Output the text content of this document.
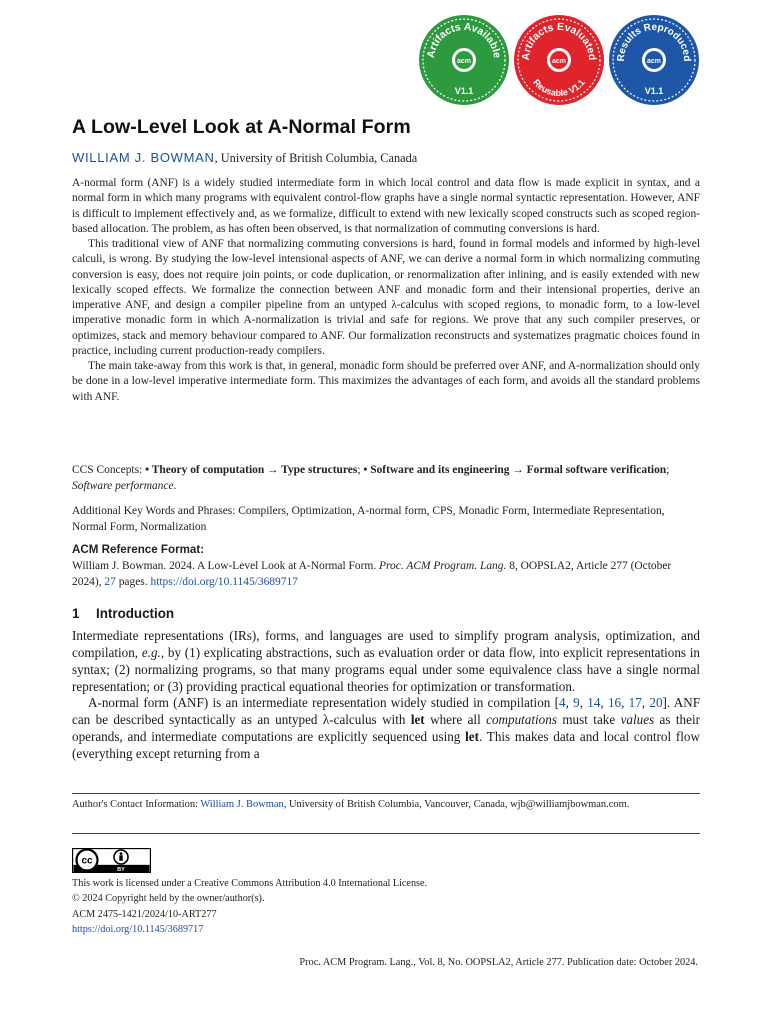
Artifacts Available
acm
V1.1
Artifacts Evaluated
acm
Reusable V1.1
Results Reproduced
acm
V1.1
A Low-Level Look at A-Normal Form
WILLIAM J. BOWMAN, University of British Columbia, Canada

A-normal form (ANF) is a widely studied intermediate form in which local control and data flow is made explicit in syntax, and a normal form in which many programs with equivalent control-flow graphs have a single normal syntactic representation. However, ANF is difficult to implement effectively and, as we formalize, difficult to extend with new lexically scoped constructs such as scoped region-based allocation. The problem, as has often been observed, is that normalization of commuting conversions is hard.

This traditional view of ANF that normalizing commuting conversions is hard, found in formal models and informed by high-level calculi, is wrong. By studying the low-level intensional aspects of ANF, we can derive a normal form in which normalizing commuting conversion is easy, does not require join points, or code duplication, or renormalization after inlining, and is easily extended with new lexically scoped effects. We formalize the connection between ANF and monadic form and their intensional properties, derive an imperative ANF, and design a compiler pipeline from an untyped λ-calculus with scoped regions, to monadic form, to a low-level imperative monadic form in which A-normalization is trivial and safe for regions. We prove that any such compiler preserves, or optimizes, stack and memory behaviour compared to ANF. Our formalization reconstructs and systematizes pragmatic choices found in practice, including current production-ready compilers.

The main take-away from this work is that, in general, monadic form should be preferred over ANF, and A-normalization should only be done in a low-level imperative intermediate form. This maximizes the advantages of each form, and avoids all the standard problems with ANF.

CCS Concepts: • Theory of computation → Type structures; • Software and its engineering → Formal software verification; Software performance.
Additional Key Words and Phrases: Compilers, Optimization, A-normal form, CPS, Monadic Form, Intermediate Representation, Normal Form, Normalization
ACM Reference Format:
William J. Bowman. 2024. A Low-Level Look at A-Normal Form. Proc. ACM Program. Lang. 8, OOPSLA2, Article 277 (October 2024), 27 pages. https://doi.org/10.1145/3689717
1 Introduction

Intermediate representations (IRs), forms, and languages are used to simplify program analysis, optimization, and compilation, e.g., by (1) explicating abstractions, such as evaluation order or data flow, into explicit representations in syntax; (2) normalizing programs, so that many programs equal under some equivalence class have a single normal representation; or (3) providing practical equational theories for optimization or transformation.

A-normal form (ANF) is an intermediate representation widely studied in compilation [4, 9, 14, 16, 17, 20]. ANF can be described syntactically as an untyped λ-calculus with let where all computations must take values as their operands, and intermediate computations are explicitly sequenced using let. This makes data and local control flow (everything except returning from a

Author's Contact Information: William J. Bowman, University of British Columbia, Vancouver, Canada, wjb@williamjbowman.com.
cc
BY
This work is licensed under a Creative Commons Attribution 4.0 International License.
© 2024 Copyright held by the owner/author(s).
ACM 2475-1421/2024/10-ART277
https://doi.org/10.1145/3689717
Proc. ACM Program. Lang., Vol. 8, No. OOPSLA2, Article 277. Publication date: October 2024.
